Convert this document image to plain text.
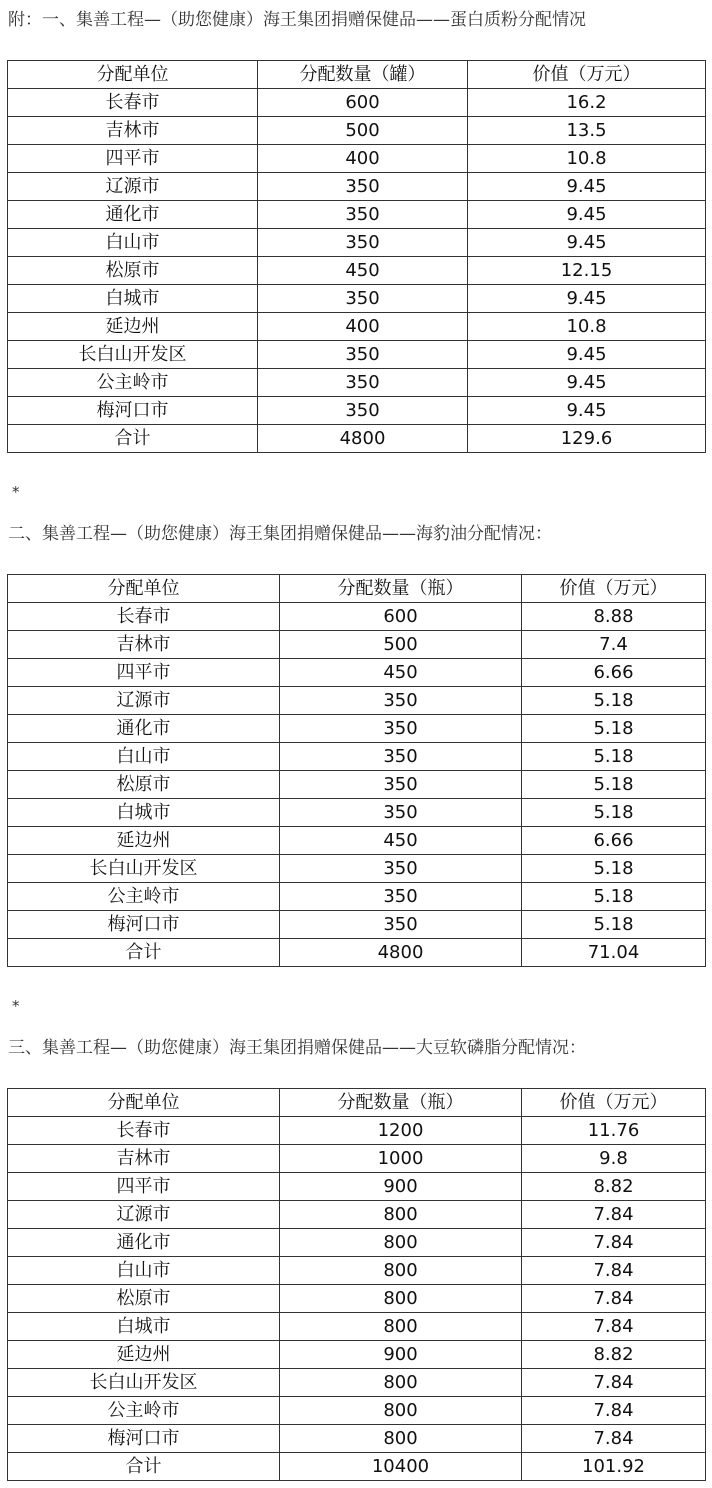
附：一、集善工程—（助您健康）海王集团捐赠保健品——蛋白质粉分配情况
分配单位	分配数量（罐）	价值（万元）
长春市	600	16.2
吉林市	500	13.5
四平市	400	10.8
辽源市	350	9.45
通化市	350	9.45
白山市	350	9.45
松原市	450	12.15
白城市	350	9.45
延边州	400	10.8
长白山开发区	350	9.45
公主岭市	350	9.45
梅河口市	350	9.45
合计	4800	129.6
*
二、集善工程—（助您健康）海王集团捐赠保健品——海豹油分配情况：
分配单位	分配数量（瓶）	价值（万元）
长春市	600	8.88
吉林市	500	7.4
四平市	450	6.66
辽源市	350	5.18
通化市	350	5.18
白山市	350	5.18
松原市	350	5.18
白城市	350	5.18
延边州	450	6.66
长白山开发区	350	5.18
公主岭市	350	5.18
梅河口市	350	5.18
合计	4800	71.04
*
三、集善工程—（助您健康）海王集团捐赠保健品——大豆软磷脂分配情况：
分配单位	分配数量（瓶）	价值（万元）
长春市	1200	11.76
吉林市	1000	9.8
四平市	900	8.82
辽源市	800	7.84
通化市	800	7.84
白山市	800	7.84
松原市	800	7.84
白城市	800	7.84
延边州	900	8.82
长白山开发区	800	7.84
公主岭市	800	7.84
梅河口市	800	7.84
合计	10400	101.92
